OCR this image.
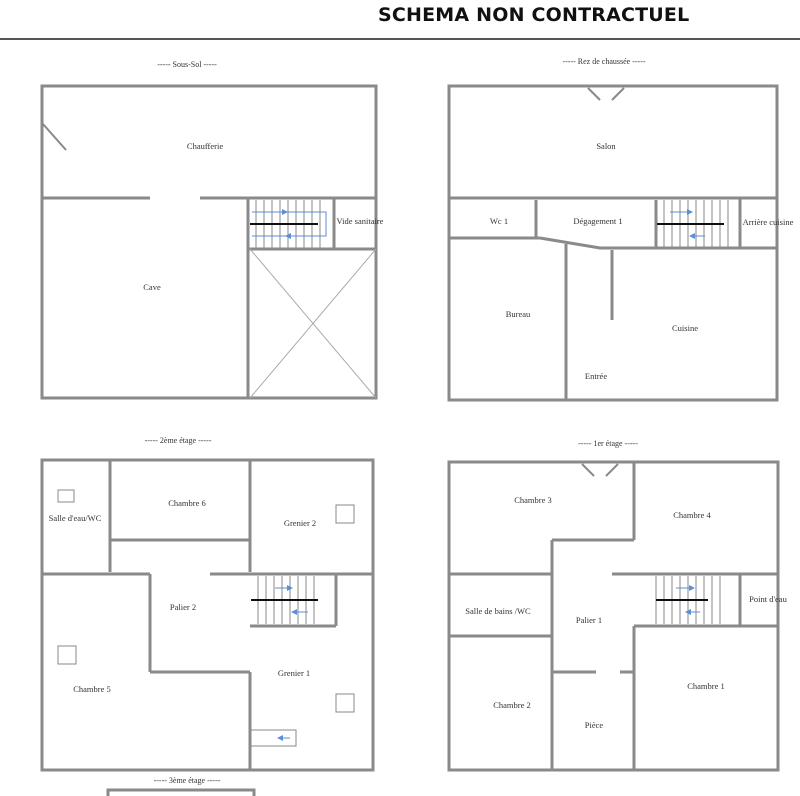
SCHEMA NON CONTRACTUEL
----- Sous-Sol -----	----- Rez de chaussée -----
----- 2ème étage -----	----- 1er étage -----
----- 3ème étage -----
Chaufferie
Cave
Vide sanitaire
Salon
Wc 1	Dégagement 1	Arrière cuisine
Bureau
Cuisine
Entrée
Salle d'eau/WC
Chambre 6
Grenier 2
Palier 2
Chambre 5
Grenier 1
Chambre 3
Chambre 4
Salle de bains /WC
Palier 1
Point d'eau
Chambre 2
Pièce
Chambre 1
